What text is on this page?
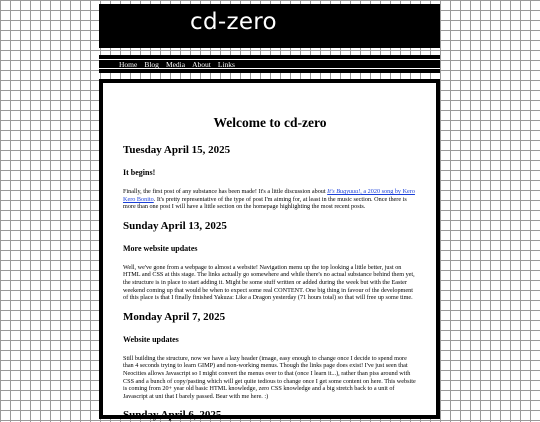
cd-zero
Home Blog Media About Links
Welcome to cd-zero
Tuesday April 15, 2025
It begins!

Finally, the first post of any substance has been made! It's a little discussion about It's Bugyuuu!, a 2020 song by Kero Kero Bonito. It's pretty representative of the type of post I'm aiming for, at least in the music section. Once there is more than one post I will have a little section on the homepage highlighting the most recent posts.

Sunday April 13, 2025
More website updates

Well, we've gone from a webpage to almost a website! Navigation menu up the top looking a little better, just on HTML and CSS at this stage. The links actually go somewhere and while there's no actual substance behind them yet, the structure is in place to start adding it. Might be some stuff written or added during the week but with the Easter weekend coming up that would be when to expect some real CONTENT. One big thing in favour of the development of this place is that I finally finished Yakuza: Like a Dragon yesterday (71 hours total) so that will free up some time.

Monday April 7, 2025
Website updates

Still building the structure, now we have a lazy header (image, easy enough to change once I decide to spend more than 4 seconds trying to learn GIMP) and non-working menus. Though the links page does exist! I've just seen that Neocities allows Javascript so I might convert the menus over to that (once I learn it...), rather than piss around with CSS and a bunch of copy/pasting which will get quite tedious to change once I get some content on here. This website is coming from 20+ year old basic HTML knowledge, zero CSS knowledge and a big stretch back to a unit of Javascript at uni that I barely passed. Bear with me here. :)

Sunday April 6, 2025
